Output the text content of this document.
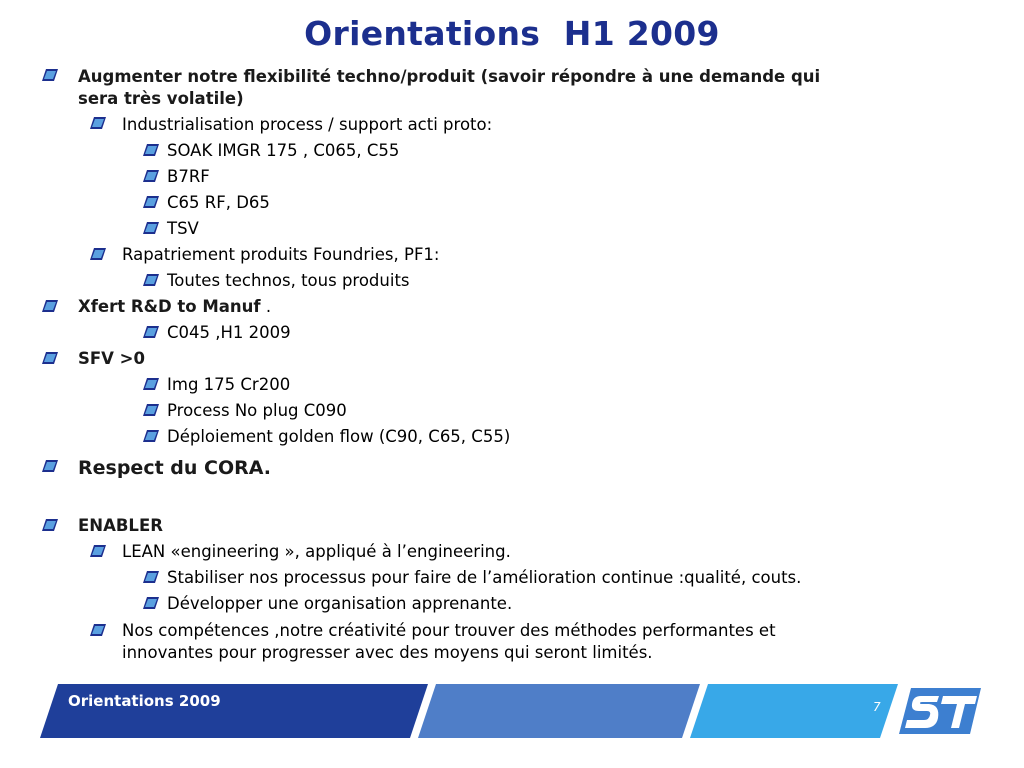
Orientations  H1 2009
Augmenter notre flexibilité techno/produit (savoir répondre à une demande qui
sera très volatile)
Industrialisation process / support acti proto:
SOAK IMGR 175 , C065, C55
B7RF
C65 RF, D65
TSV
Rapatriement produits Foundries, PF1:
Toutes technos, tous produits
Xfert R&D to Manuf .
C045 ,H1 2009
SFV >0
Img 175 Cr200
Process No plug C090
Déploiement golden flow (C90, C65, C55)
Respect du CORA.
ENABLER
LEAN «engineering », appliqué à l’engineering.
Stabiliser nos processus pour faire de l’amélioration continue :qualité, couts.
Développer une organisation apprenante.
Nos compétences ,notre créativité pour trouver des méthodes performantes et
innovantes pour progresser avec des moyens qui seront limités.
Orientations 2009	7
